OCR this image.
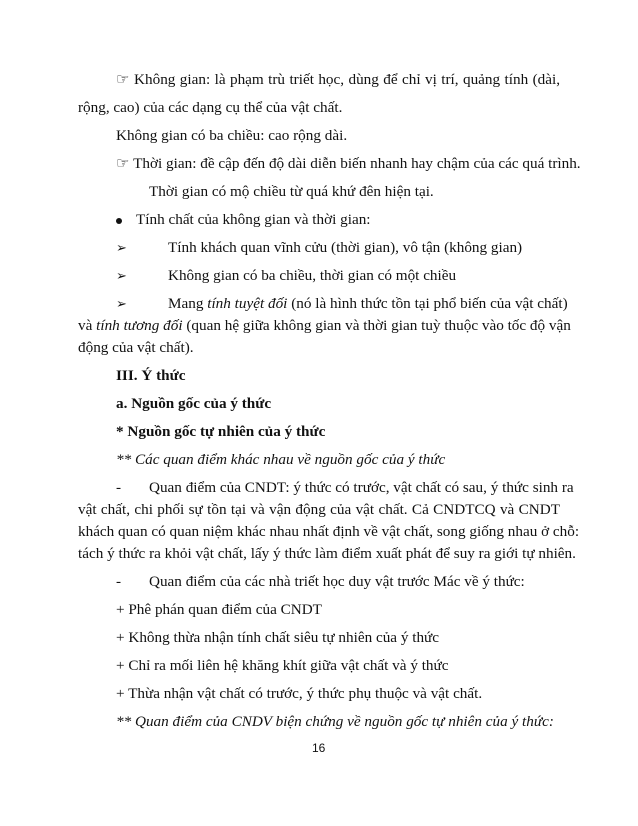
☞ Không gian: là phạm trù triết học, dùng để chỉ vị trí, quảng tính (dài,
rộng, cao) của các dạng cụ thể của vật chất.
Không gian có ba chiều: cao rộng dài.
☞ Thời gian: đề cập đến độ dài diễn biến nhanh hay chậm của các quá trình.
Thời gian có mộ chiều từ quá khứ đên hiện tại.
Tính chất của không gian và thời gian:
➢	Tính khách quan vĩnh cửu (thời gian), vô tận (không gian)
➢	Không gian có ba chiều, thời gian có một chiều
➢	Mang tính tuyệt đối (nó là hình thức tồn tại phổ biến của vật chất)
và tính tương đối (quan hệ giữa không gian và thời gian tuỳ thuộc vào tốc độ vận
động của vật chất).
III. Ý thức
a. Nguồn gốc của ý thức
* Nguồn gốc tự nhiên của ý thức
** Các quan điểm khác nhau về nguồn gốc của ý thức
- Quan điểm của CNDT: ý thức có trước, vật chất có sau, ý thức sinh ra
vật chất, chi phối sự tồn tại và vận động của vật chất. Cả CNDTCQ và CNDT
khách quan có quan niệm khác nhau nhất định về vật chất, song giống nhau ở chỗ:
tách ý thức ra khỏi vật chất, lấy ý thức làm điểm xuất phát để suy ra giới tự nhiên.
- Quan điểm của các nhà triết học duy vật trước Mác về ý thức:
+ Phê phán quan điểm của CNDT
+ Không thừa nhận tính chất siêu tự nhiên của ý thức
+ Chỉ ra mối liên hệ khăng khít giữa vật chất và ý thức
+ Thừa nhận vật chất có trước, ý thức phụ thuộc và vật chất.
** Quan điểm của CNDV biện chứng về nguồn gốc tự nhiên của ý thức:
16
